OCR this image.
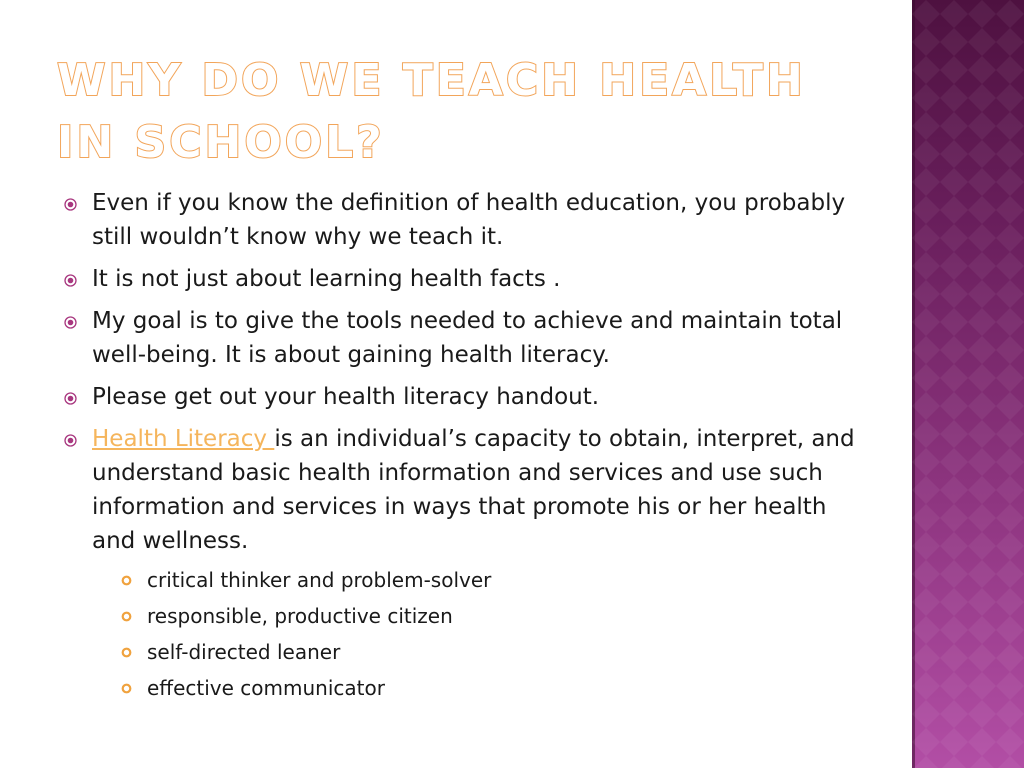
WHY DO WE TEACH HEALTH IN SCHOOL?
Even if you know the definition of health education, you probably still wouldn’t know why we teach it.
It is not just about learning health facts .
My goal is to give the tools needed to achieve and maintain total well-being. It is about gaining health literacy.
Please get out your health literacy handout.
Health Literacy is an individual’s capacity to obtain, interpret, and understand basic health information and services and use such information and services in ways that promote his or her health and wellness.
critical thinker and problem-solver
responsible, productive citizen
self-directed leaner
effective communicator
